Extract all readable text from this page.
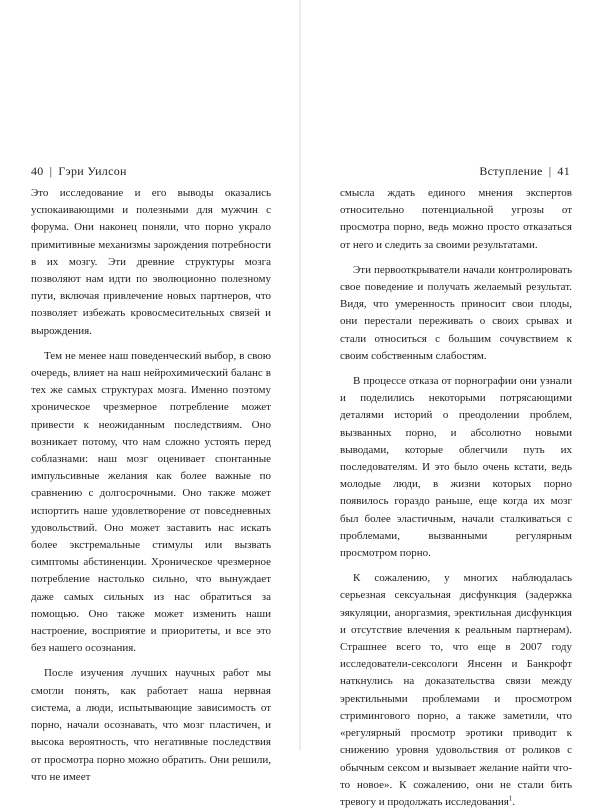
40 | Гэри Уилсон

Это исследование и его выводы оказались успокаивающими и полезными для мужчин с форума. Они наконец поняли, что порно украло примитивные механизмы зарождения потребности в их мозгу. Эти древние структуры мозга позволяют нам идти по эволюционно полезному пути, включая привлечение новых партнеров, что позволяет избежать кровосмесительных связей и вырождения.

Тем не менее наш поведенческий выбор, в свою очередь, влияет на наш нейрохимический баланс в тех же самых структурах мозга. Именно поэтому хроническое чрезмерное потребление может привести к неожиданным последствиям. Оно возникает потому, что нам сложно устоять перед соблазнами: наш мозг оценивает спонтанные импульсивные желания как более важные по сравнению с долгосрочными. Оно также может испортить наше удовлетворение от повседневных удовольствий. Оно может заставить нас искать более экстремальные стимулы или вызвать симптомы абстиненции. Хроническое чрезмерное потребление настолько сильно, что вынуждает даже самых сильных из нас обратиться за помощью. Оно также может изменить наши настроение, восприятие и приоритеты, и все это без нашего осознания.

После изучения лучших научных работ мы смогли понять, как работает наша нервная система, а люди, испытывающие зависимость от порно, начали осознавать, что мозг пластичен, и высока вероятность, что негативные последствия от просмотра порно можно обратить. Они решили, что не имеет

Вступление | 41

смысла ждать единого мнения экспертов относительно потенциальной угрозы от просмотра порно, ведь можно просто отказаться от него и следить за своими результатами.

Эти первооткрыватели начали контролировать свое поведение и получать желаемый результат. Видя, что умеренность приносит свои плоды, они перестали переживать о своих срывах и стали относиться с большим сочувствием к своим собственным слабостям.

В процессе отказа от порнографии они узнали и поделились некоторыми потрясающими деталями историй о преодолении проблем, вызванных порно, и абсолютно новыми выводами, которые облегчили путь их последователям. И это было очень кстати, ведь молодые люди, в жизни которых порно появилось гораздо раньше, еще когда их мозг был более эластичным, начали сталкиваться с проблемами, вызванными регулярным просмотром порно.

К сожалению, у многих наблюдалась серьезная сексуальная дисфункция (задержка эякуляции, аноргазмия, эректильная дисфункция и отсутствие влечения к реальным партнерам). Страшнее всего то, что еще в 2007 году исследователи-сексологи Янсенн и Банкрофт наткнулись на доказательства связи между эректильными проблемами и просмотром стримингового порно, а также заметили, что «регулярный просмотр эротики приводит к снижению уровня удовольствия от роликов с обычным сексом и вызывает желание найти что-то новое». К сожалению, они не стали бить тревогу и продолжать исследования$^1$.
